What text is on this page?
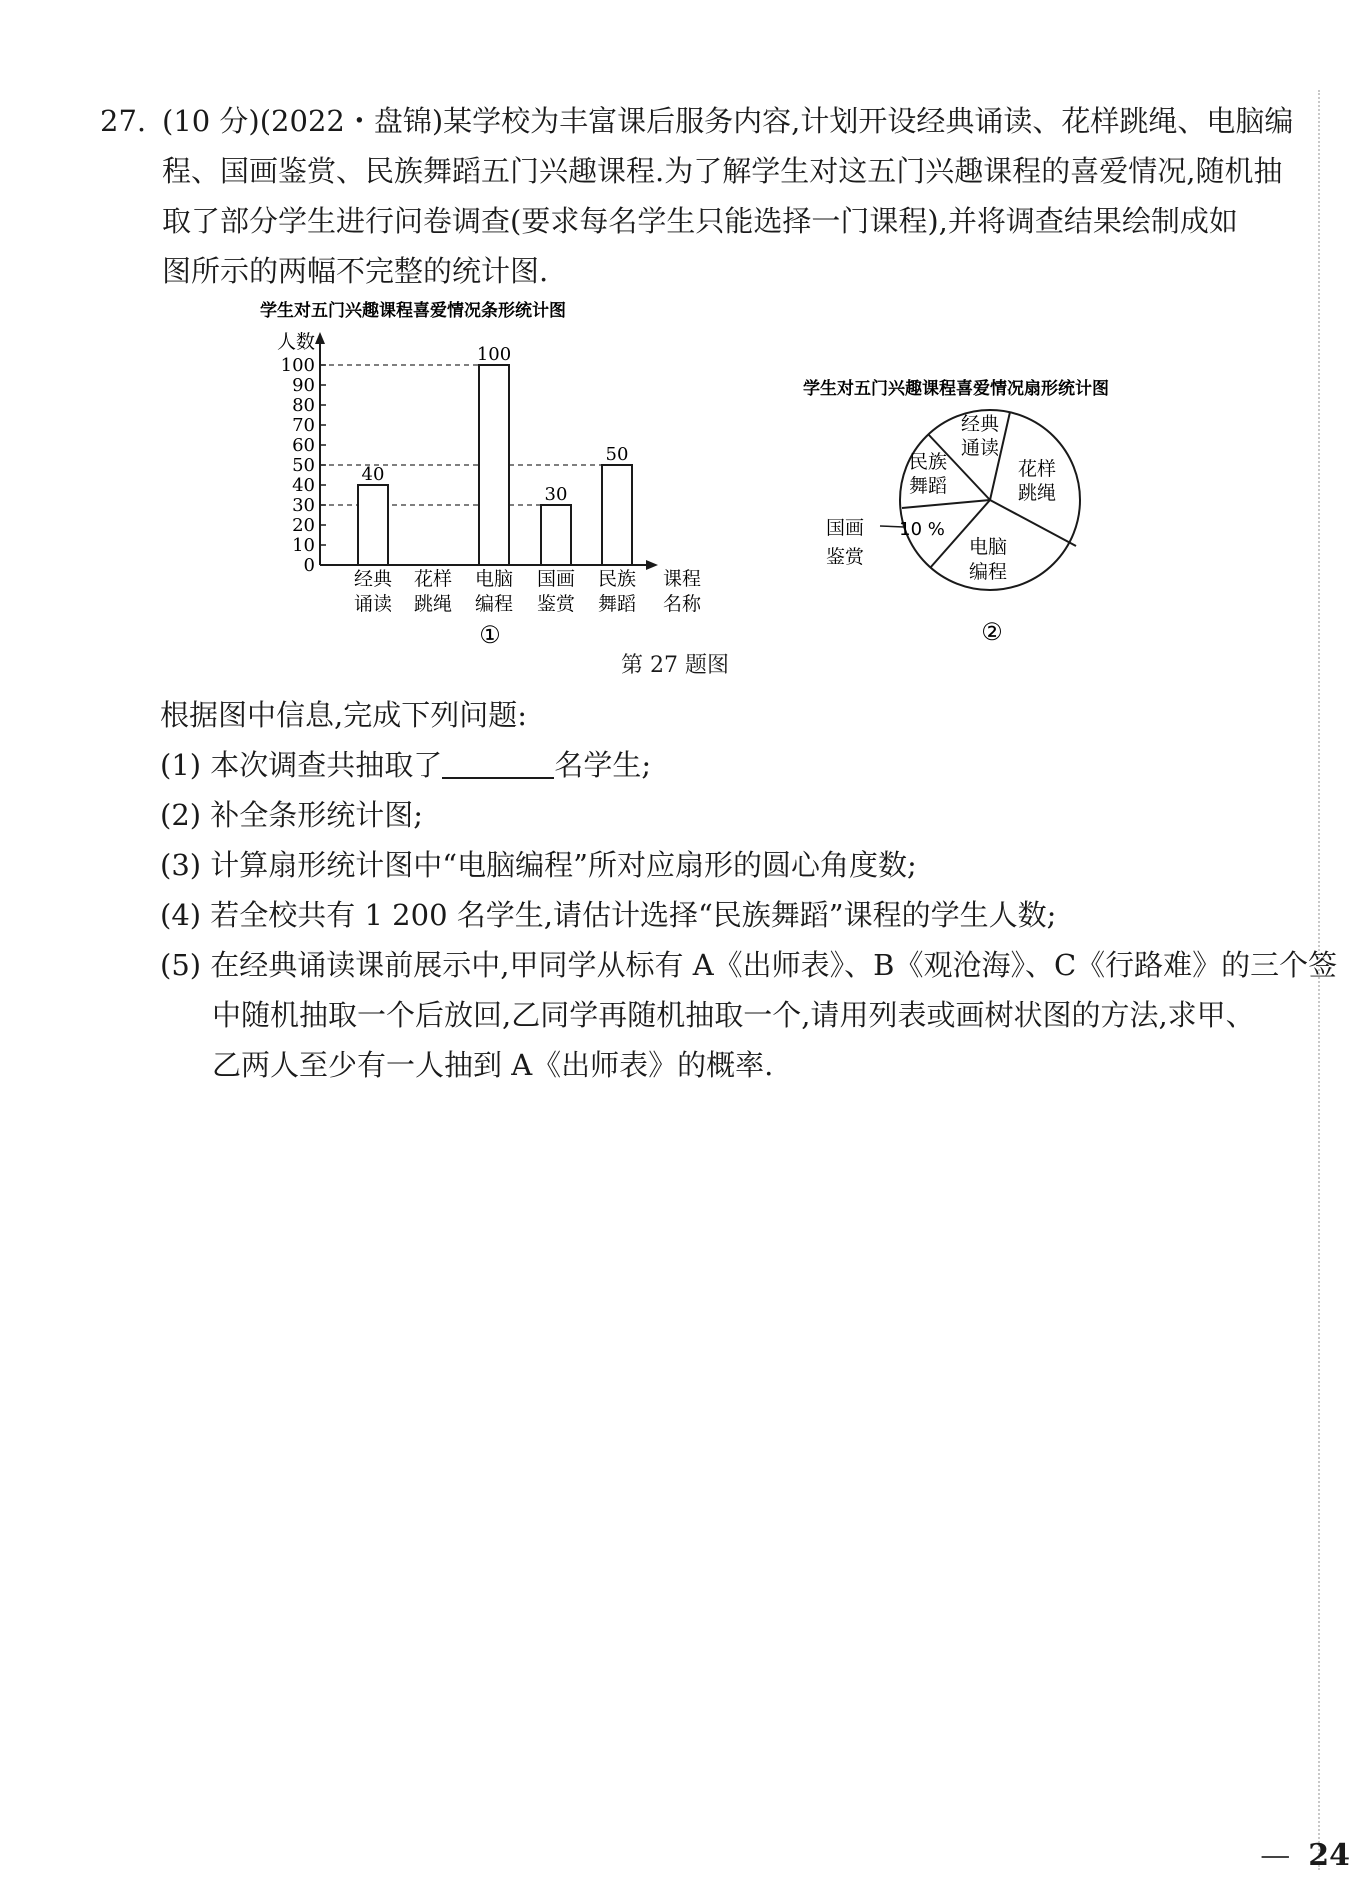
27. (10 分)(2022・盘锦)某学校为丰富课后服务内容,计划开设经典诵读、花样跳绳、电脑编
程、国画鉴赏、民族舞蹈五门兴趣课程.为了解学生对这五门兴趣课程的喜爱情况,随机抽
取了部分学生进行问卷调查(要求每名学生只能选择一门课程),并将调查结果绘制成如
图所示的两幅不完整的统计图.
学生对五门兴趣课程喜爱情况条形统计图
人数
0
10
20
30
40
50
60
70
80
90
100
40
100
30
50
经典
诵读
花样
跳绳
电脑
编程
国画
鉴赏
民族
舞蹈
课程
名称
①
学生对五门兴趣课程喜爱情况扇形统计图
经典
通读
花样
跳绳
电脑
编程
国画
鉴赏
10 %
民族
舞蹈
②
第 27 题图
根据图中信息,完成下列问题:
(1) 本次调查共抽取了	名学生;
(2) 补全条形统计图;
(3) 计算扇形统计图中“电脑编程”所对应扇形的圆心角度数;
(4) 若全校共有 1 200 名学生,请估计选择“民族舞蹈”课程的学生人数;
(5) 在经典诵读课前展示中,甲同学从标有 A《出师表》、B《观沧海》、C《行路难》的三个签
中随机抽取一个后放回,乙同学再随机抽取一个,请用列表或画树状图的方法,求甲、
乙两人至少有一人抽到 A《出师表》的概率.
— 24
